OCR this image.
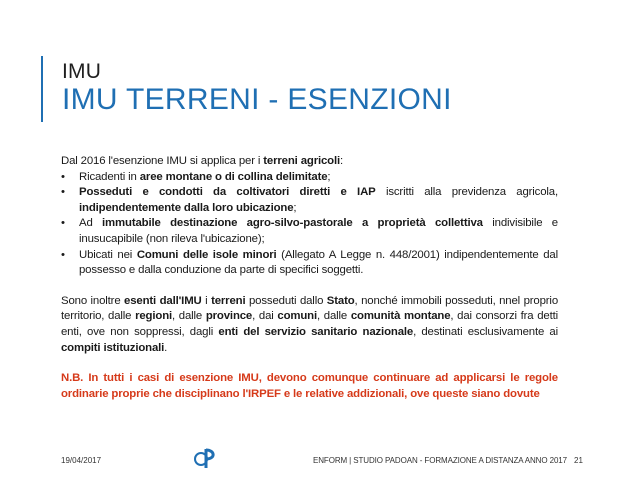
IMU
IMU TERRENI - ESENZIONI

Dal 2016 l'esenzione IMU si applica per i terreni agricoli:

• Ricadenti in aree montane o di collina delimitate;
• Posseduti e condotti da coltivatori diretti e IAP iscritti alla previdenza agricola, indipendentemente dalla loro ubicazione;
• Ad immutabile destinazione agro-silvo-pastorale a proprietà collettiva indivisibile e inusucapibile (non rileva l'ubicazione);
• Ubicati nei Comuni delle isole minori (Allegato A Legge n. 448/2001) indipendentemente dal possesso e dalla conduzione da parte di specifici soggetti.

Sono inoltre esenti dall'IMU i terreni posseduti dallo Stato, nonché immobili posseduti, nnel proprio territorio, dalle regioni, dalle province, dai comuni, dalle comunità montane, dai consorzi fra detti enti, ove non soppressi, dagli enti del servizio sanitario nazionale, destinati esclusivamente ai compiti istituzionali.

N.B. In tutti i casi di esenzione IMU, devono comunque continuare ad applicarsi le regole ordinarie proprie che disciplinano l'IRPEF e le relative addizionali, ove queste siano dovute

19/04/2017	ENFORM | STUDIO PADOAN - FORMAZIONE A DISTANZA ANNO 2017 21
